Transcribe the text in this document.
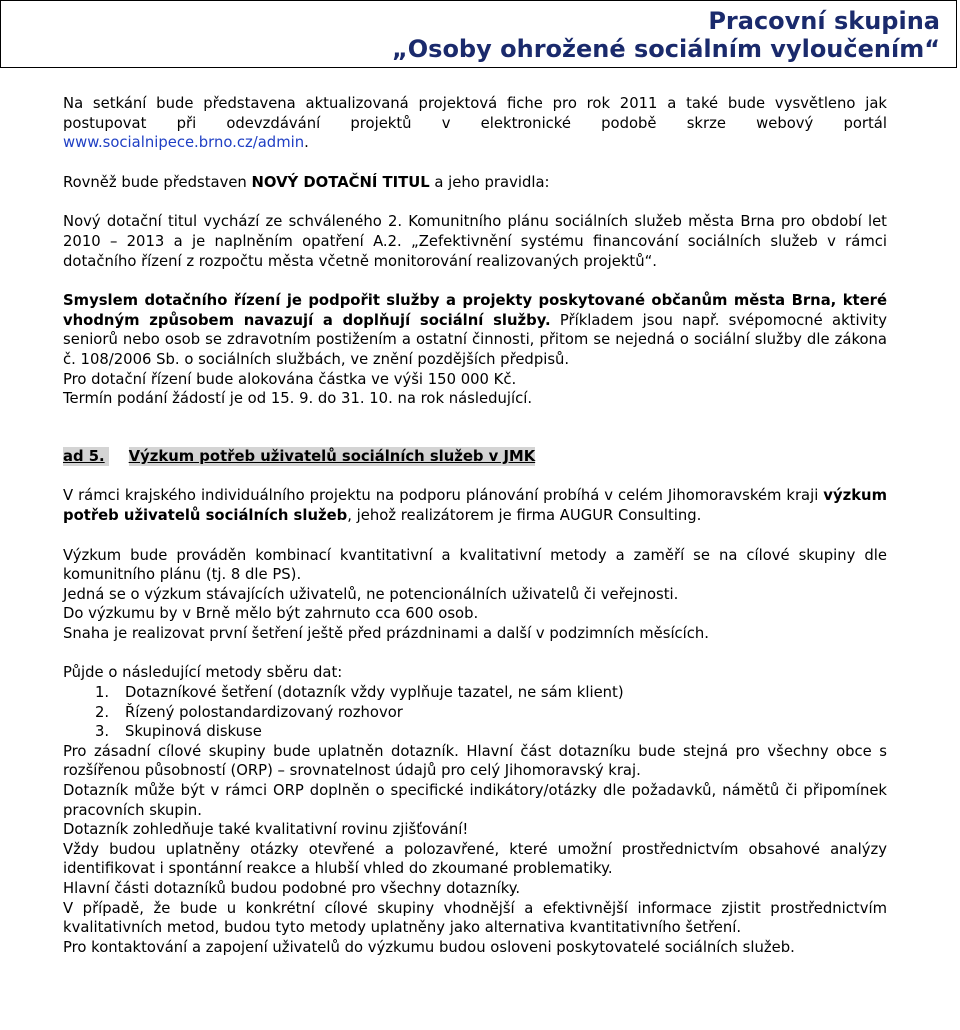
Pracovní skupina
„Osoby ohrožené sociálním vyloučením“

Na setkání bude představena aktualizovaná projektová fiche pro rok 2011 a také bude vysvětleno jak postupovat při odevzdávání projektů v elektronické podobě skrze webový portál www.socialnipece.brno.cz/admin.

Rovněž bude představen NOVÝ DOTAČNÍ TITUL a jeho pravidla:

Nový dotační titul vychází ze schváleného 2. Komunitního plánu sociálních služeb města Brna pro období let 2010 – 2013 a je naplněním opatření A.2. „Zefektivnění systému financování sociálních služeb v rámci dotačního řízení z rozpočtu města včetně monitorování realizovaných projektů“.

Smyslem dotačního řízení je podpořit služby a projekty poskytované občanům města Brna, které vhodným způsobem navazují a doplňují sociální služby. Příkladem jsou např. svépomocné aktivity seniorů nebo osob se zdravotním postižením a ostatní činnosti, přitom se nejedná o sociální služby dle zákona č. 108/2006 Sb. o sociálních službách, ve znění pozdějších předpisů.

Pro dotační řízení bude alokována částka ve výši 150 000 Kč.

Termín podání žádostí je od 15. 9. do 31. 10. na rok následující.

ad 5. Výzkum potřeb uživatelů sociálních služeb v JMK

V rámci krajského individuálního projektu na podporu plánování probíhá v celém Jihomoravském kraji výzkum potřeb uživatelů sociálních služeb, jehož realizátorem je firma AUGUR Consulting.

Výzkum bude prováděn kombinací kvantitativní a kvalitativní metody a zaměří se na cílové skupiny dle komunitního plánu (tj. 8 dle PS).

Jedná se o výzkum stávajících uživatelů, ne potencionálních uživatelů či veřejnosti.

Do výzkumu by v Brně mělo být zahrnuto cca 600 osob.

Snaha je realizovat první šetření ještě před prázdninami a další v podzimních měsících.

Půjde o následující metody sběru dat:

1.	Dotazníkové šetření (dotazník vždy vyplňuje tazatel, ne sám klient)
2.	Řízený polostandardizovaný rozhovor
3.	Skupinová diskuse

Pro zásadní cílové skupiny bude uplatněn dotazník. Hlavní část dotazníku bude stejná pro všechny obce s rozšířenou působností (ORP) – srovnatelnost údajů pro celý Jihomoravský kraj.

Dotazník může být v rámci ORP doplněn o specifické indikátory/otázky dle požadavků, námětů či připomínek pracovních skupin.

Dotazník zohledňuje také kvalitativní rovinu zjišťování!

Vždy budou uplatněny otázky otevřené a polozavřené, které umožní prostřednictvím obsahové analýzy identifikovat i spontánní reakce a hlubší vhled do zkoumané problematiky.

Hlavní části dotazníků budou podobné pro všechny dotazníky.

V případě, že bude u konkrétní cílové skupiny vhodnější a efektivnější informace zjistit prostřednictvím kvalitativních metod, budou tyto metody uplatněny jako alternativa kvantitativního šetření.

Pro kontaktování a zapojení uživatelů do výzkumu budou osloveni poskytovatelé sociálních služeb.
